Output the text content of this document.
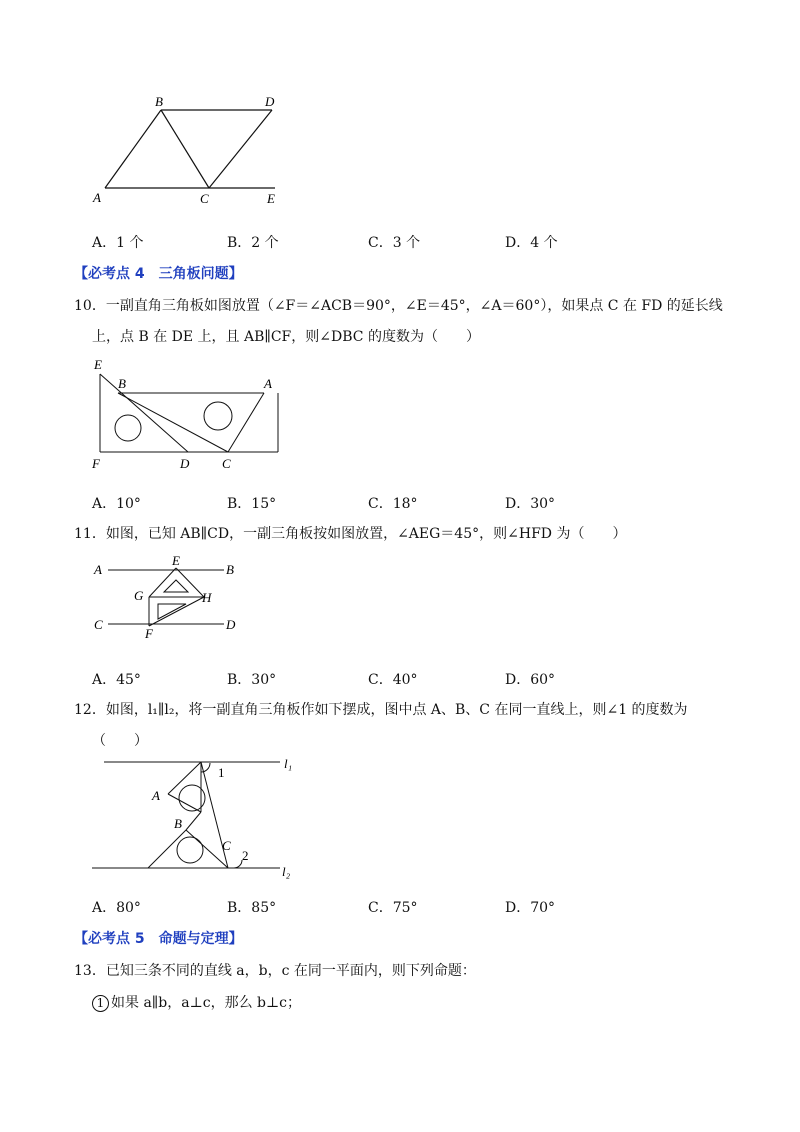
B	D
A	C	E
A．1 个	B．2 个	C．3 个	D．4 个
【必考点 4　三角板问题】
10．一副直角三角板如图放置（∠F＝∠ACB＝90°，∠E＝45°，∠A＝60°），如果点 C 在 FD 的延长线
上，点 B 在 DE 上，且 AB∥CF，则∠DBC 的度数为（　　）
E
B	A
F	D	C
A．10°	B．15°	C．18°	D．30°
11．如图，已知 AB∥CD，一副三角板按如图放置，∠AEG＝45°，则∠HFD 为（　　）
A
E
B
G	H
C
F
D
A．45°	B．30°	C．40°	D．60°
12．如图，l₁∥l₂，将一副直角三角板作如下摆成，图中点 A、B、C 在同一直线上，则∠1 的度数为
（　　）
l₁
1
A
B
C
2
l₂
A．80°	B．85°	C．75°	D．70°
【必考点 5　命题与定理】
13．已知三条不同的直线 a，b，c 在同一平面内，则下列命题：
1 如果 a∥b，a⊥c，那么 b⊥c；
